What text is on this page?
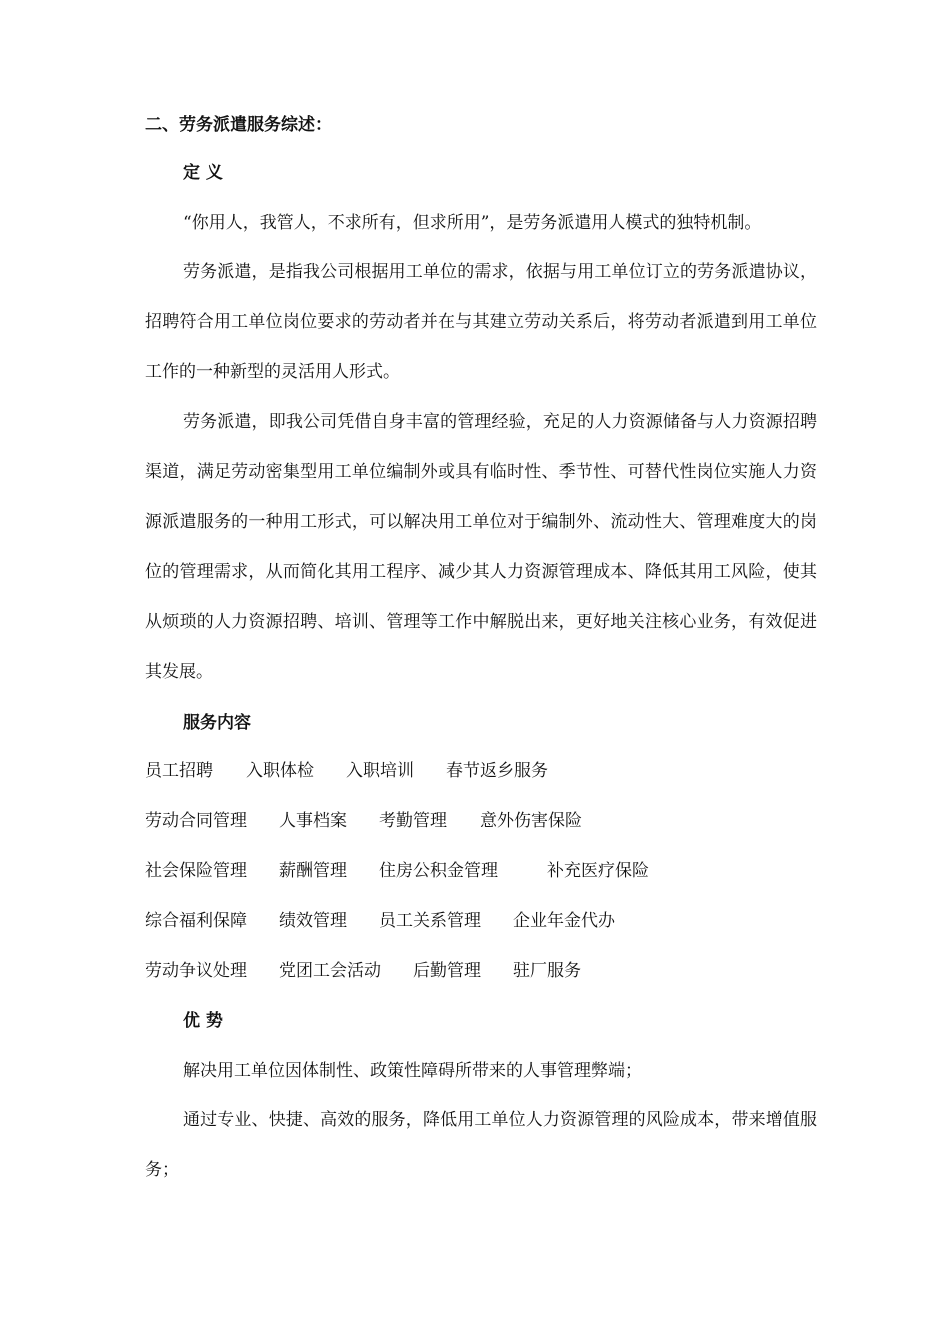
二、劳务派遣服务综述：
定 义
“你用人，我管人，不求所有，但求所用”，是劳务派遣用人模式的独特机制。

劳务派遣，是指我公司根据用工单位的需求，依据与用工单位订立的劳务派遣协议，招聘符合用工单位岗位要求的劳动者并在与其建立劳动关系后，将劳动者派遣到用工单位工作的一种新型的灵活用人形式。

劳务派遣，即我公司凭借自身丰富的管理经验，充足的人力资源储备与人力资源招聘渠道，满足劳动密集型用工单位编制外或具有临时性、季节性、可替代性岗位实施人力资源派遣服务的一种用工形式，可以解决用工单位对于编制外、流动性大、管理难度大的岗位的管理需求，从而简化其用工程序、减少其人力资源管理成本、降低其用工风险，使其从烦琐的人力资源招聘、培训、管理等工作中解脱出来，更好地关注核心业务，有效促进其发展。

服务内容
员工招聘 入职体检 入职培训 春节返乡服务
劳动合同管理 人事档案 考勤管理 意外伤害保险
社会保险管理 薪酬管理 住房公积金管理	补充医疗保险
综合福利保障 绩效管理 员工关系管理 企业年金代办
劳动争议处理 党团工会活动 后勤管理 驻厂服务
优 势
解决用工单位因体制性、政策性障碍所带来的人事管理弊端；

通过专业、快捷、高效的服务，降低用工单位人力资源管理的风险成本，带来增值服务；
